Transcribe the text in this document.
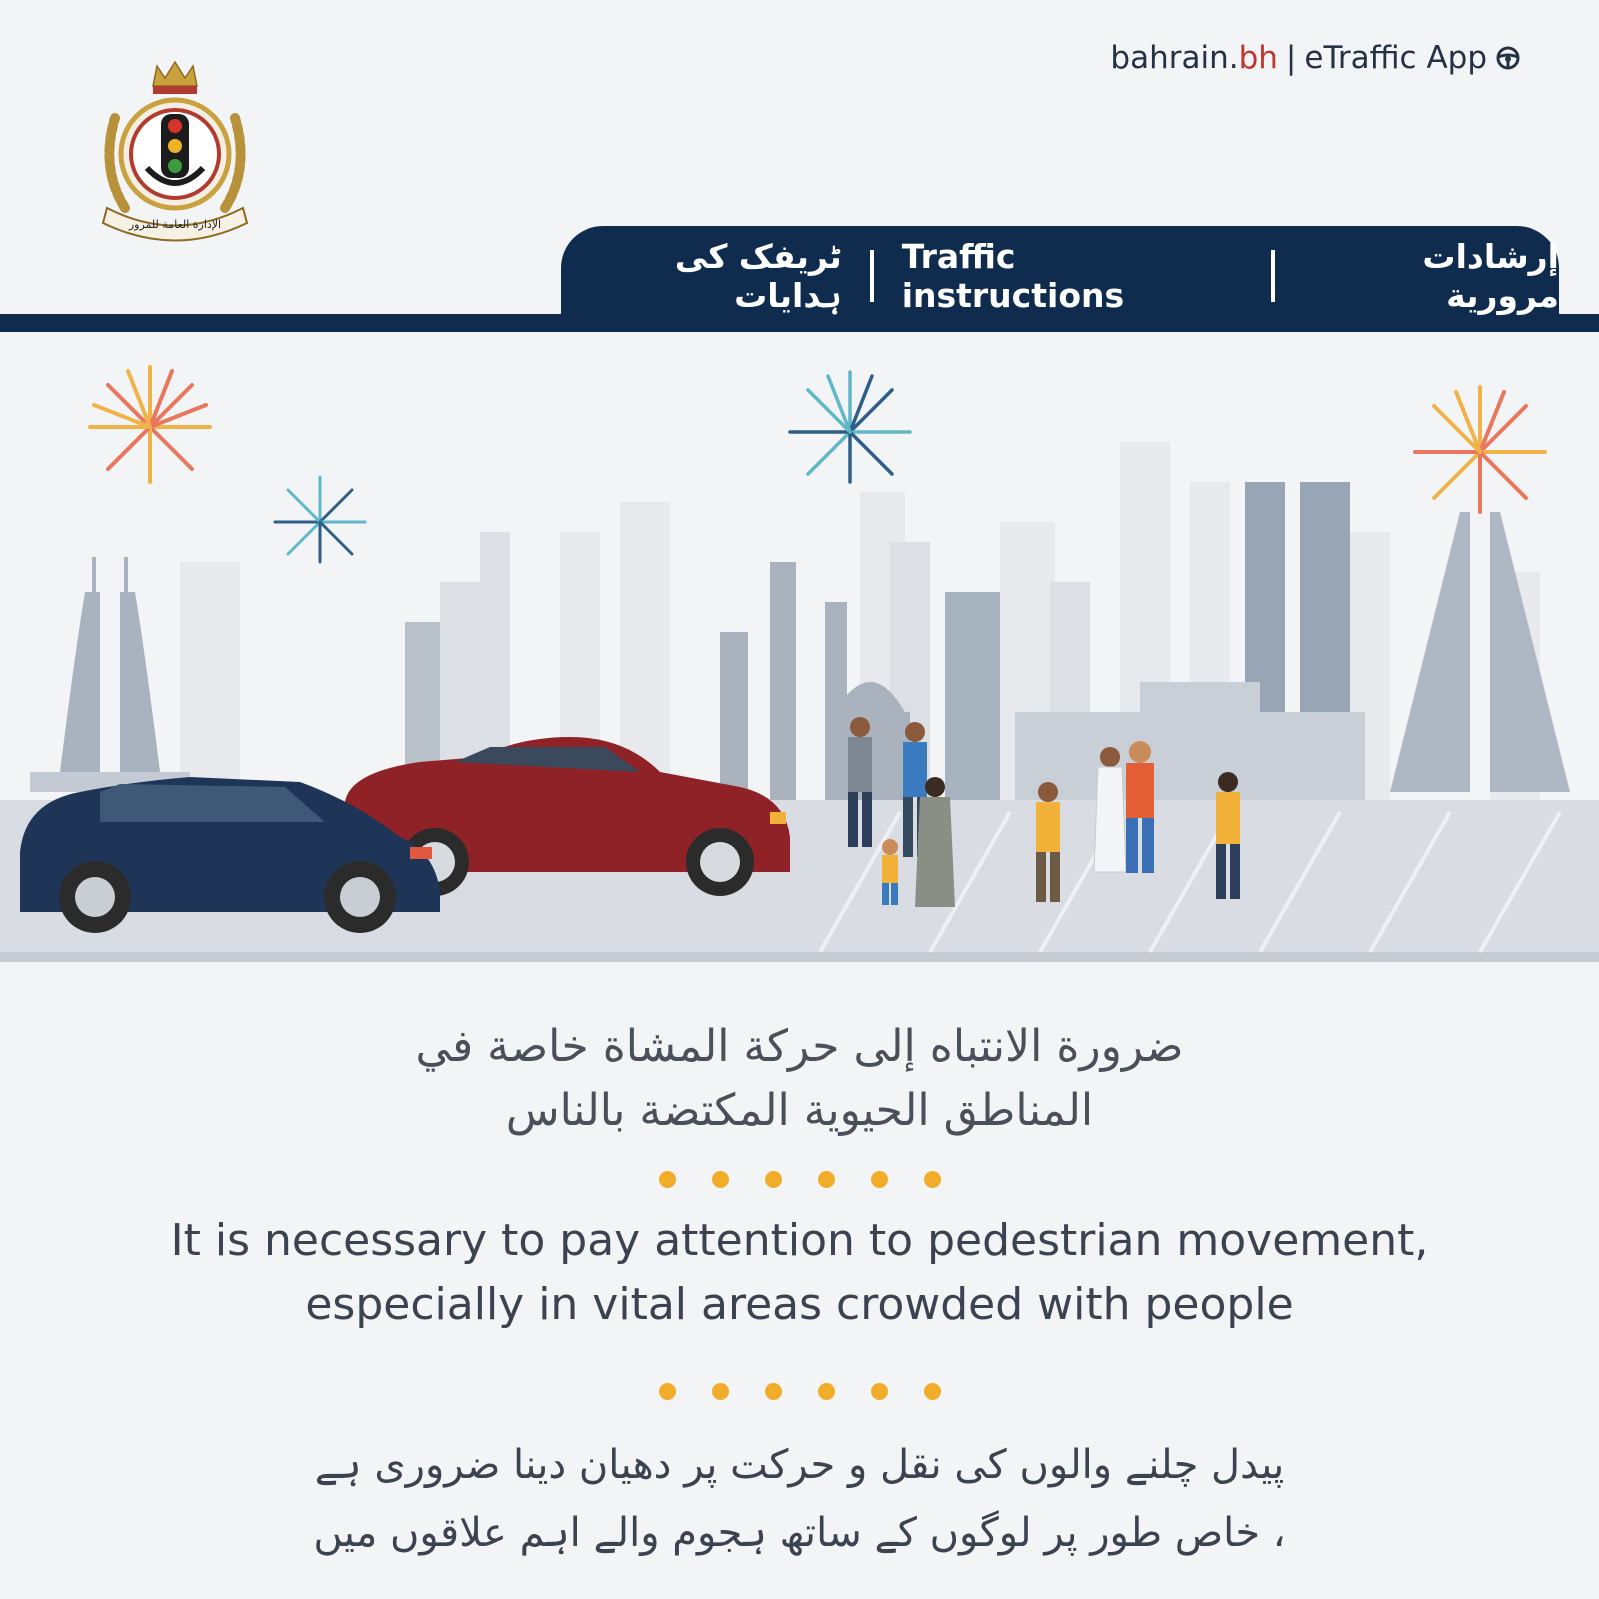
bahrain.bh | eTraffic App
الإدارة العامة للمرور
ٹریفک کی ہدایات
Traffic instructions
إرشادات مرورية
ضرورة الانتباه إلى حركة المشاة خاصة في
المناطق الحيوية المكتضة بالناس
It is necessary to pay attention to pedestrian movement,
especially in vital areas crowded with people
پیدل چلنے والوں کی نقل و حرکت پر دھیان دینا ضروری ہے
، خاص طور پر لوگوں کے ساتھ ہجوم والے اہم علاقوں میں
